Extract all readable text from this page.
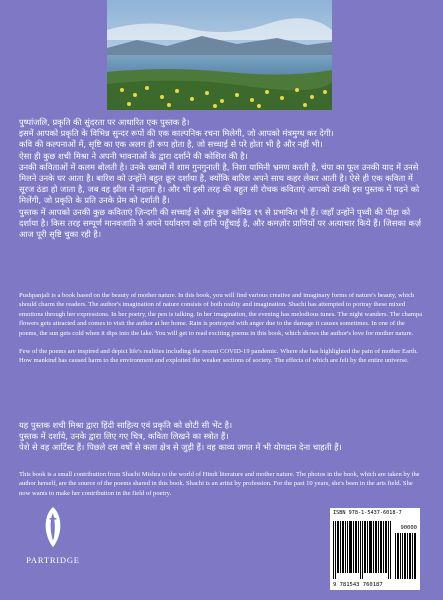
पुष्पांजलि, प्रकृति की सुंदरता पर आधारित एक पुस्तक है।

इसमें आपको प्रकृति के विभिन्न सुन्दर रूपों की एक काल्पनिक रचना मिलेगी, जो आपको मंत्रमुग्ध कर देगी।

कवि की कल्पनाओं में, सृष्टि का एक अलग ही रूप होता है, जो सच्चाई से परे होता भी है और नहीं भी।

ऐसा ही कुछ शची मिश्रा ने अपनी भावनाओं के द्वारा दर्शाने की कोशिश की है।

उनकी कविताओं में कलम बोलती है। उनके ख्वाबों में शाम गुनगुनाती है, निशा यामिनी भ्रमण करती है, चंपा का फूल उनकी याद में उनसे मिलने उनके घर आता है। बारिश को उन्होंने बहुत क्रूर दर्शाया है, क्योंकि बारिश अपने साथ कहर लेकर आती है। ऐसे ही एक कविता में सूरज ठंडा हो जाता है, जब वह झील में नहाता है। और भी इसी तरह की बहुत सी रोचक कविताएं आपको उनकी इस पुस्तक में पढ़ने को मिलेंगी, जो प्रकृति के प्रति उनके प्रेम को दर्शाती हैं।

पुस्तक में आपको उनकी कुछ कविताएं ज़िन्दगी की सच्चाई से और कुछ कोविड १९ से प्रभावित भी हैं। जहाँ उन्होंने पृथ्वी की पीड़ा को दर्शाया है। किस तरह सम्पूर्ण मानवजाति ने अपने पर्यावरण को हानि पहुँचाई है, और कमज़ोर प्राणियों पर अत्याचार किये हैं। जिसका कर्ज़ आज पूरी सृष्टि चुका रही है।

Pushpanjali is a book based on the beauty of mother nature. In this book, you will find various creative and imaginary forms of nature's beauty, which should charm the readers. The author's imagination of nature consists of both reality and imagination. Shachi has attempted to portray these mixed emotions through her expressions. In her poetry, the pen is talking. In her imagination, the evening has melodious tunes. The night wanders. The champa flowers gets attracted and comes to visit the author at her home. Rain is portrayed with anger due to the damage it causes sometimes. In one of the poems, the sun gets cold when it dips into the lake. You will get to read exciting poems in this book, which shows the author's love for mother nature.

Few of the poems are inspired and depict life's realities including the recent COVID-19 pandemic. Where she has highlighted the pain of mother Earth. How mankind has caused harm to the environment and exploited the weaker sections of society. The effects of which are felt by the entire universe.

यह पुस्तक शची मिश्रा द्वारा हिंदी साहित्य एवं प्रकृति को छोटी सी भेंट है।

पुस्तक में दर्शाये, उनके द्वारा लिए गए चित्र, कविता लिखने का स्त्रोत हैं।

पेशे से वह आर्टिस्ट हैं। पिछले दस वर्षों से कला क्षेत्र से जुड़ी हैं। वह काव्य जगत में भी योगदान देना चाहती हैं।

This book is a small contribution from Shachi Mishra to the world of Hindi literature and mother nature. The photos in the book, which are taken by the author herself, are the source of the poems shared in this book. Shachi is an artist by profession. For the past 10 years, she's been in the arts field. She now wants to make her contribution in the field of poetry.

PARTRIDGE
ISBN 978-1-5437-6018-7
90000
9 781543 760187
